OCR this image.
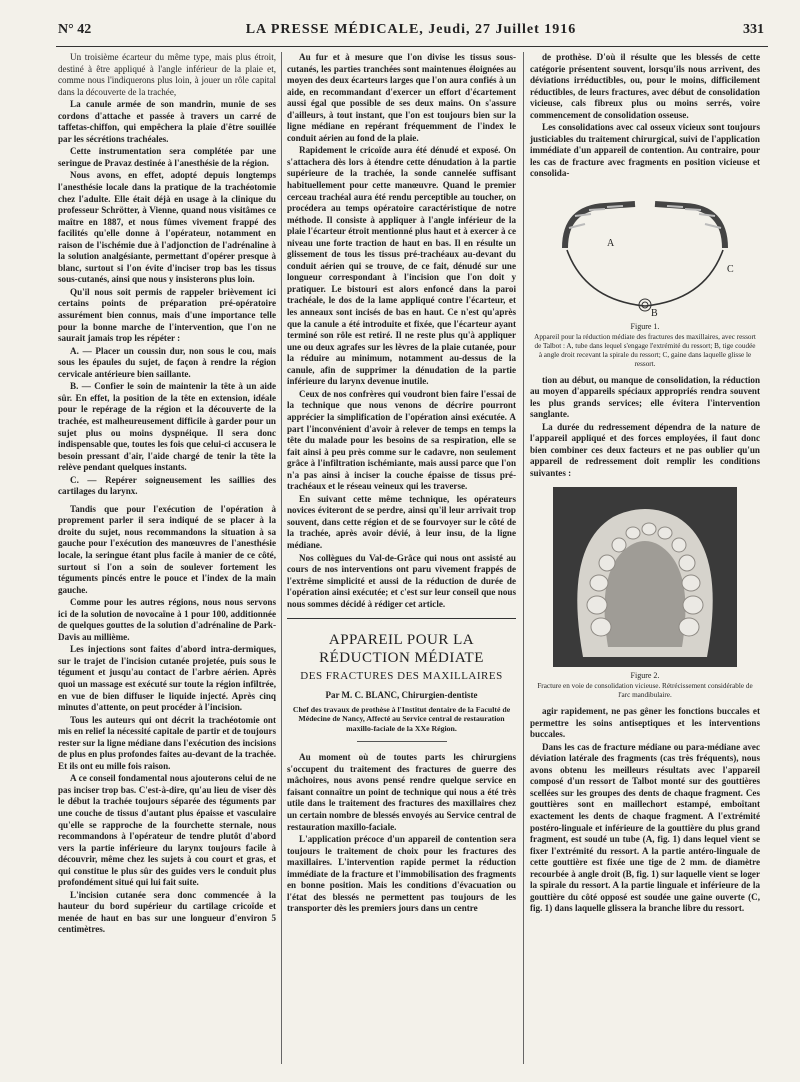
N° 42	LA PRESSE MÉDICALE, Jeudi, 27 Juillet 1916	331

Un troisième écarteur du même type, mais plus étroit, destiné à être appliqué à l'angle inférieur de la plaie et, comme nous l'indiquerons plus loin, à jouer un rôle capital dans la découverte de la trachée,

La canule armée de son mandrin, munie de ses cordons d'attache et passée à travers un carré de taffetas-chiffon, qui empêchera la plaie d'être souillée par les sécrétions trachéales.

Cette instrumentation sera complétée par une seringue de Pravaz destinée à l'anesthésie de la région.

Nous avons, en effet, adopté depuis longtemps l'anesthésie locale dans la pratique de la trachéotomie chez l'adulte. Elle était déjà en usage à la clinique du professeur Schrötter, à Vienne, quand nous visitâmes ce maître en 1887, et nous fûmes vivement frappé des facilités qu'elle donne à l'opérateur, notamment en raison de l'ischémie due à l'adjonction de l'adrénaline à la solution analgésiante, permettant d'opérer presque à blanc, surtout si l'on évite d'inciser trop bas les tissus sous-cutanés, ainsi que nous y insisterons plus loin.

Qu'il nous soit permis de rappeler brièvement ici certains points de préparation pré-opératoire assurément bien connus, mais d'une importance telle pour la bonne marche de l'intervention, que l'on ne saurait jamais trop les répéter :

A. — Placer un coussin dur, non sous le cou, mais sous les épaules du sujet, de façon à rendre la région cervicale antérieure bien saillante.

B. — Confier le soin de maintenir la tête à un aide sûr. En effet, la position de la tête en extension, idéale pour le repérage de la région et la découverte de la trachée, est malheureusement difficile à garder pour un sujet plus ou moins dyspnéique. Il sera donc indispensable que, toutes les fois que celui-ci accusera le besoin pressant d'air, l'aide chargé de tenir la tête la relève pendant quelques instants.

C. — Repérer soigneusement les saillies des cartilages du larynx.

Tandis que pour l'exécution de l'opération à proprement parler il sera indiqué de se placer à la droite du sujet, nous recommandons la situation à sa gauche pour l'exécution des manœuvres de l'anesthésie locale, la seringue étant plus facile à manier de ce côté, surtout si l'on a soin de soulever fortement les téguments pincés entre le pouce et l'index de la main gauche.

Comme pour les autres régions, nous nous servons ici de la solution de novocaïne à 1 pour 100, additionnée de quelques gouttes de la solution d'adrénaline de Park-Davis au millième.

Les injections sont faites d'abord intra-dermiques, sur le trajet de l'incision cutanée projetée, puis sous le tégument et jusqu'au contact de l'arbre aérien. Après quoi un massage est exécuté sur toute la région infiltrée, en vue de bien diffuser le liquide injecté. Après cinq minutes d'attente, on peut procéder à l'incision.

Tous les auteurs qui ont décrit la trachéotomie ont mis en relief la nécessité capitale de partir et de toujours rester sur la ligne médiane dans l'exécution des incisions de plus en plus profondes faites au-devant de la trachée. Et ils ont eu mille fois raison.

A ce conseil fondamental nous ajouterons celui de ne pas inciser trop bas. C'est-à-dire, qu'au lieu de viser dès le début la trachée toujours séparée des téguments par une couche de tissus d'autant plus épaisse et vasculaire qu'elle se rapproche de la fourchette sternale, nous recommandons à l'opérateur de tendre plutôt d'abord vers la partie inférieure du larynx toujours facile à découvrir, même chez les sujets à cou court et gras, et qui constitue le plus sûr des guides vers le conduit plus profondément situé qui lui fait suite.

L'incision cutanée sera donc commencée à la hauteur du bord supérieur du cartilage cricoïde et menée de haut en bas sur une longueur d'environ 5 centimètres.

Au fur et à mesure que l'on divise les tissus sous-cutanés, les parties tranchées sont maintenues éloignées au moyen des deux écarteurs larges que l'on aura confiés à un aide, en recommandant d'exercer un effort d'écartement aussi égal que possible de ses deux mains. On s'assure d'ailleurs, à tout instant, que l'on est toujours bien sur la ligne médiane en repérant fréquemment de l'index le conduit aérien au fond de la plaie.

Rapidement le cricoïde aura été dénudé et exposé. On s'attachera dès lors à étendre cette dénudation à la partie supérieure de la trachée, la sonde cannelée suffisant habituellement pour cette manœuvre. Quand le premier cerceau trachéal aura été rendu perceptible au toucher, on procédera au temps opératoire caractéristique de notre méthode. Il consiste à appliquer à l'angle inférieur de la plaie l'écarteur étroit mentionné plus haut et à exercer à ce niveau une forte traction de haut en bas. Il en résulte un glissement de tous les tissus pré-trachéaux au-devant du conduit aérien qui se trouve, de ce fait, dénudé sur une longueur correspondant à l'incision que l'on doit y pratiquer. Le bistouri est alors enfoncé dans la paroi trachéale, le dos de la lame appliqué contre l'écarteur, et les anneaux sont incisés de bas en haut. Ce n'est qu'après que la canule a été introduite et fixée, que l'écarteur ayant terminé son rôle est retiré. Il ne reste plus qu'à appliquer une ou deux agrafes sur les lèvres de la plaie cutanée, pour la réduire au minimum, notamment au-dessus de la canule, afin de supprimer la dénudation de la partie inférieure du larynx devenue inutile.

Ceux de nos confrères qui voudront bien faire l'essai de la technique que nous venons de décrire pourront apprécier la simplification de l'opération ainsi exécutée. A part l'inconvénient d'avoir à relever de temps en temps la tête du malade pour les besoins de sa respiration, elle se fait ainsi à peu près comme sur le cadavre, non seulement grâce à l'infiltration ischémiante, mais aussi parce que l'on n'a pas ainsi à inciser la couche épaisse de tissus pré-trachéaux et le réseau veineux qui les traverse.

En suivant cette même technique, les opérateurs novices éviteront de se perdre, ainsi qu'il leur arrivait trop souvent, dans cette région et de se fourvoyer sur le côté de la trachée, après avoir dévié, à leur insu, de la ligne médiane.

Nos collègues du Val-de-Grâce qui nous ont assisté au cours de nos interventions ont paru vivement frappés de l'extrême simplicité et aussi de la réduction de durée de l'opération ainsi exécutée; et c'est sur leur conseil que nous nous sommes décidé à rédiger cet article.

APPAREIL POUR LA RÉDUCTION MÉDIATE
DES FRACTURES DES MAXILLAIRES
Par M. C. BLANC, Chirurgien-dentiste
Chef des travaux de prothèse à l'Institut dentaire de la Faculté de Médecine de Nancy, Affecté au Service central de restauration maxillo-faciale de la XXe Région.

Au moment où de toutes parts les chirurgiens s'occupent du traitement des fractures de guerre des mâchoires, nous avons pensé rendre quelque service en faisant connaître un point de technique qui nous a été très utile dans le traitement des fractures des maxillaires chez un certain nombre de blessés envoyés au Service central de restauration maxillo-faciale.

L'application précoce d'un appareil de contention sera toujours le traitement de choix pour les fractures des maxillaires. L'intervention rapide permet la réduction immédiate de la fracture et l'immobilisation des fragments en bonne position. Mais les conditions d'évacuation ou l'état des blessés ne permettent pas toujours de les transporter dès les premiers jours dans un centre

de prothèse. D'où il résulte que les blessés de cette catégorie présentent souvent, lorsqu'ils nous arrivent, des déviations irréductibles, ou, pour le moins, difficilement réductibles, de leurs fractures, avec début de consolidation vicieuse, cals fibreux plus ou moins serrés, voire commencement de consolidation osseuse.

Les consolidations avec cal osseux vicieux sont toujours justiciables du traitement chirurgical, suivi de l'application immédiate d'un appareil de contention. Au contraire, pour les cas de fracture avec fragments en position vicieuse et consolida-

A
B
C
Figure 1.
Appareil pour la réduction médiate des fractures des maxillaires, avec ressort de Talbot : A, tube dans lequel s'engage l'extrémité du ressort; B, tige coudée à angle droit recevant la spirale du ressort; C, gaine dans laquelle glisse le ressort.

tion au début, ou manque de consolidation, la réduction au moyen d'appareils spéciaux appropriés rendra souvent les plus grands services; elle évitera l'intervention sanglante.

La durée du redressement dépendra de la nature de l'appareil appliqué et des forces employées, il faut donc bien combiner ces deux facteurs et ne pas oublier qu'un appareil de redressement doit remplir les conditions suivantes :

Figure 2.
Fracture en voie de consolidation vicieuse. Rétrécissement considérable de l'arc mandibulaire.

agir rapidement, ne pas gêner les fonctions buccales et permettre les soins antiseptiques et les interventions buccales.

Dans les cas de fracture médiane ou para-médiane avec déviation latérale des fragments (cas très fréquents), nous avons obtenu les meilleurs résultats avec l'appareil composé d'un ressort de Talbot monté sur des gouttières scellées sur les groupes des dents de chaque fragment. Ces gouttières sont en maillechort estampé, emboîtant exactement les dents de chaque fragment. A l'extrémité postéro-linguale et inférieure de la gouttière du plus grand fragment, est soudé un tube (A, fig. 1) dans lequel vient se fixer l'extrémité du ressort. A la partie antéro-linguale de cette gouttière est fixée une tige de 2 mm. de diamètre recourbée à angle droit (B, fig. 1) sur laquelle vient se loger la spirale du ressort. A la partie linguale et inférieure de la gouttière du côté opposé est soudée une gaine ouverte (C, fig. 1) dans laquelle glissera la branche libre du ressort.
